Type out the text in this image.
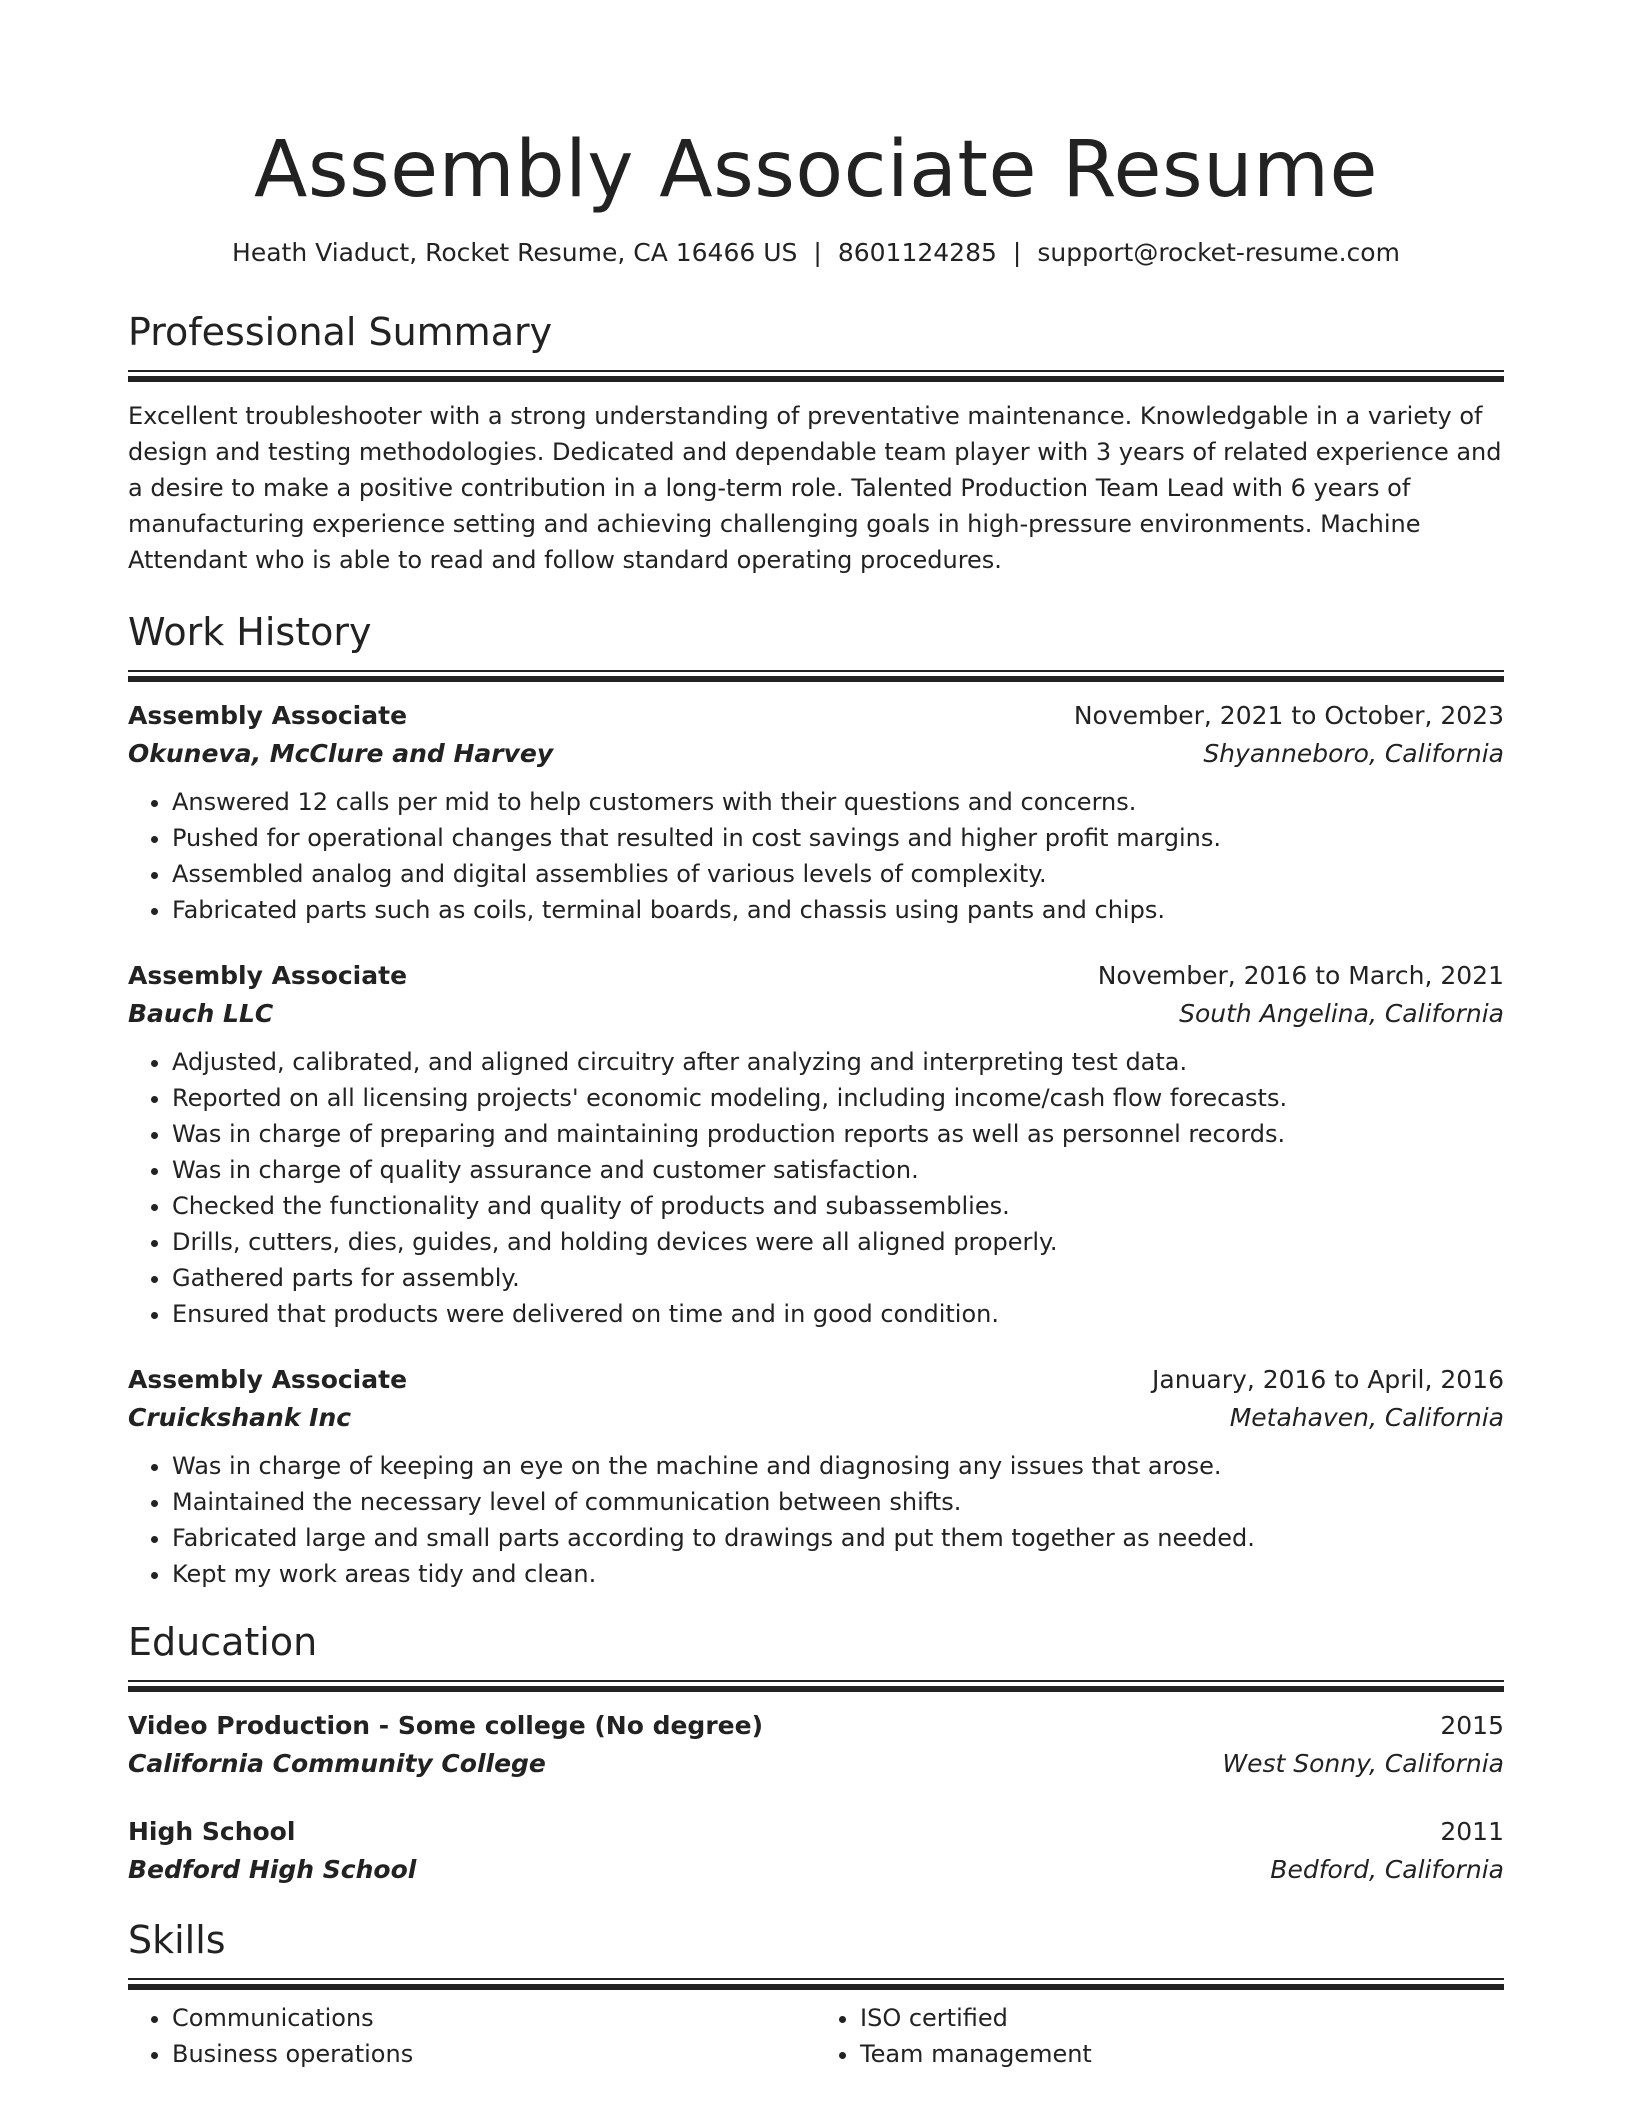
Assembly Associate Resume
Heath Viaduct, Rocket Resume, CA 16466 US | 8601124285 | support@rocket-resume.com
Professional Summary
Excellent troubleshooter with a strong understanding of preventative maintenance. Knowledgable in a variety of design and testing methodologies. Dedicated and dependable team player with 3 years of related experience and a desire to make a positive contribution in a long-term role. Talented Production Team Lead with 6 years of manufacturing experience setting and achieving challenging goals in high-pressure environments. Machine Attendant who is able to read and follow standard operating procedures.
Work History
Assembly Associate	November, 2021 to October, 2023
Okuneva, McClure and Harvey	Shyanneboro, California
• Answered 12 calls per mid to help customers with their questions and concerns.
• Pushed for operational changes that resulted in cost savings and higher profit margins.
• Assembled analog and digital assemblies of various levels of complexity.
• Fabricated parts such as coils, terminal boards, and chassis using pants and chips.
Assembly Associate	November, 2016 to March, 2021
Bauch LLC	South Angelina, California
• Adjusted, calibrated, and aligned circuitry after analyzing and interpreting test data.
• Reported on all licensing projects' economic modeling, including income/cash flow forecasts.
• Was in charge of preparing and maintaining production reports as well as personnel records.
• Was in charge of quality assurance and customer satisfaction.
• Checked the functionality and quality of products and subassemblies.
• Drills, cutters, dies, guides, and holding devices were all aligned properly.
• Gathered parts for assembly.
• Ensured that products were delivered on time and in good condition.
Assembly Associate	January, 2016 to April, 2016
Cruickshank Inc	Metahaven, California
• Was in charge of keeping an eye on the machine and diagnosing any issues that arose.
• Maintained the necessary level of communication between shifts.
• Fabricated large and small parts according to drawings and put them together as needed.
• Kept my work areas tidy and clean.
Education
Video Production - Some college (No degree)	2015
California Community College	West Sonny, California
High School	2011
Bedford High School	Bedford, California
Skills
• Communications
• Business operations
• ISO certified
• Team management
